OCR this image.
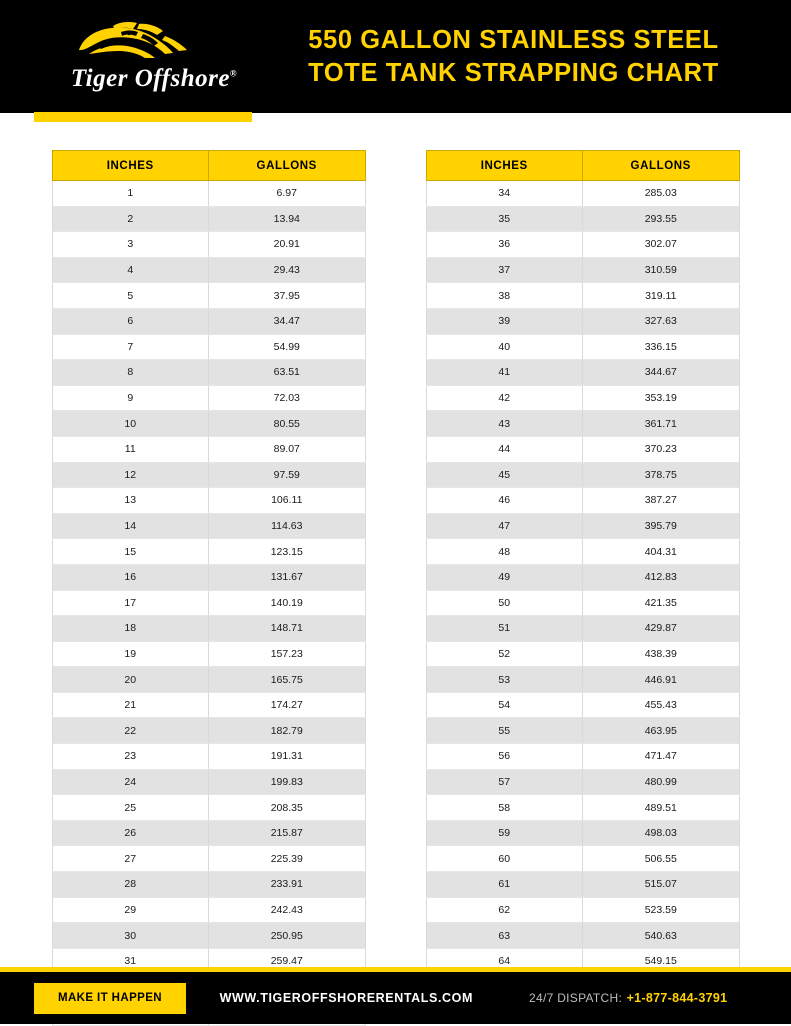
Tiger Offshore®
550 GALLON STAINLESS STEEL
TOTE TANK STRAPPING CHART
INCHES	GALLONS
1	6.97
2	13.94
3	20.91
4	29.43
5	37.95
6	34.47
7	54.99
8	63.51
9	72.03
10	80.55
11	89.07
12	97.59
13	106.11
14	114.63
15	123.15
16	131.67
17	140.19
18	148.71
19	157.23
20	165.75
21	174.27
22	182.79
23	191.31
24	199.83
25	208.35
26	215.87
27	225.39
28	233.91
29	242.43
30	250.95
31	259.47

INCHES	GALLONS
34	285.03
35	293.55
36	302.07
37	310.59
38	319.11
39	327.63
40	336.15
41	344.67
42	353.19
43	361.71
44	370.23
45	378.75
46	387.27
47	395.79
48	404.31
49	412.83
50	421.35
51	429.87
52	438.39
53	446.91
54	455.43
55	463.95
56	471.47
57	480.99
58	489.51
59	498.03
60	506.55
61	515.07
62	523.59
63	540.63
64	549.15

MAKE IT HAPPEN	WWW.TIGEROFFSHORERENTALS.COM	24/7 DISPATCH: +1-877-844-3791
